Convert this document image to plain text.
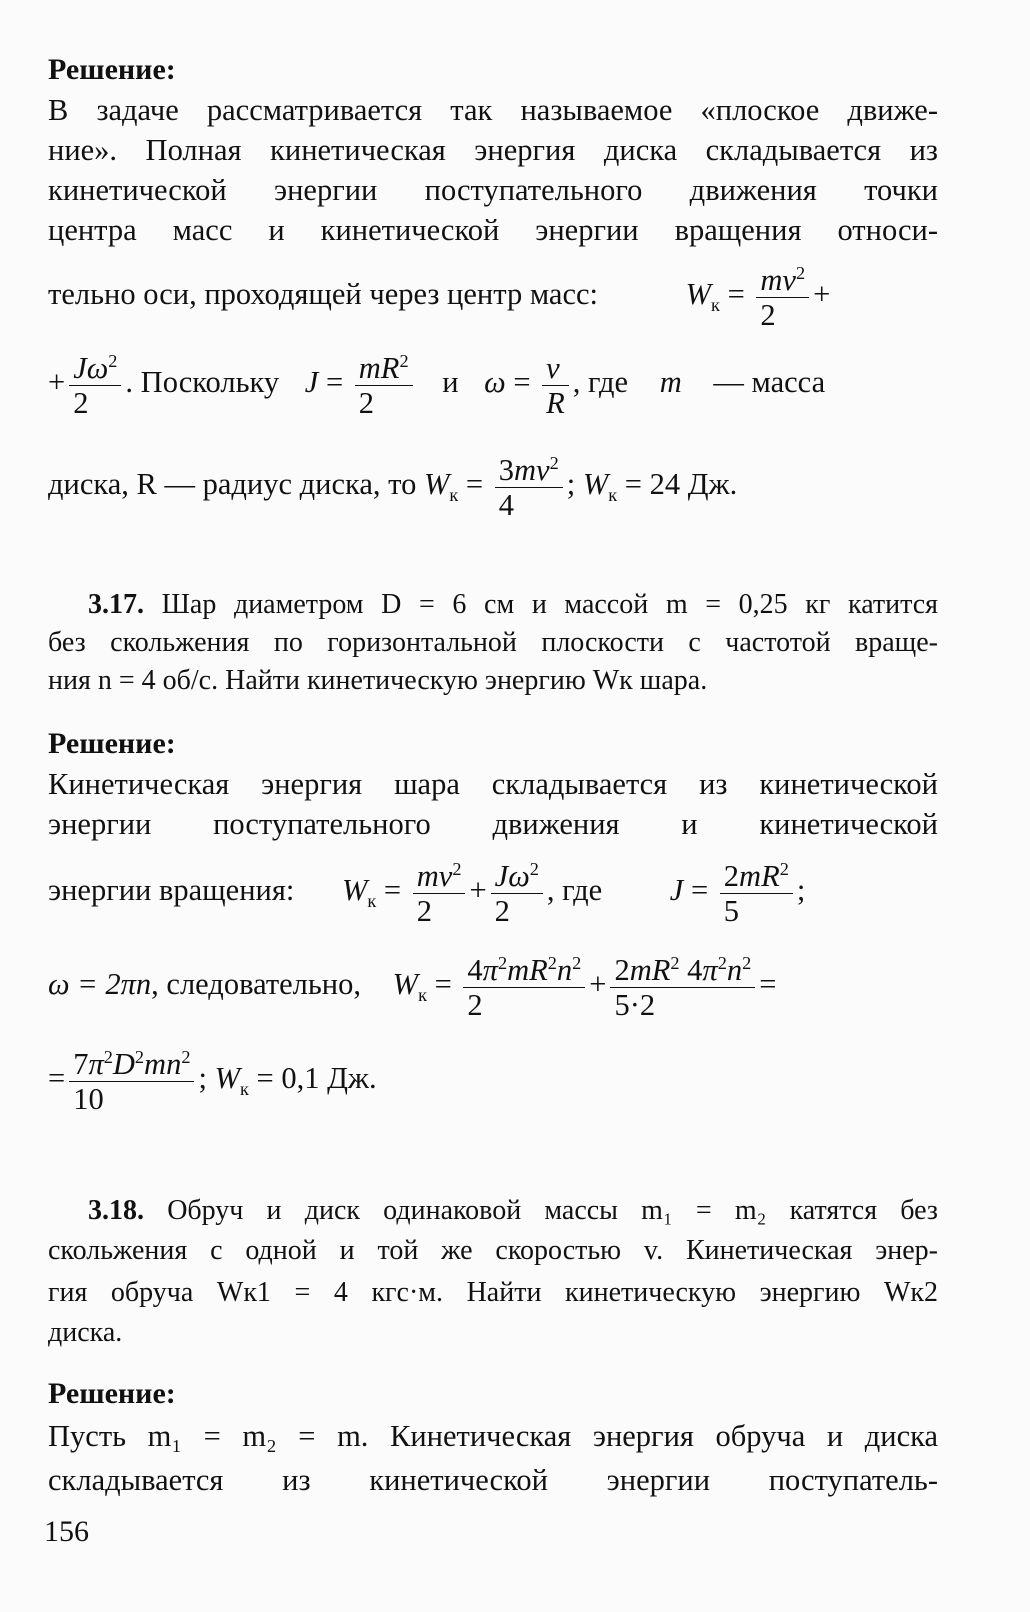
Решение:
В задаче рассматривается так называемое «плоское движе-
ние». Полная кинетическая энергия диска складывается из
кинетической энергии поступательного движения точки
центра масс и кинетической энергии вращения относи-
тельно оси, проходящей через центр масс:	$W_к = \frac{mv^2}{2}$ +
+ $\frac{J\omega^2}{2}$ . Поскольку $J = \frac{mR^2}{2}$ и $\omega = \frac{v}{R}$ , где m — масса
диска, R — радиус диска, то $W_к = \frac{3mv^2}{4}$ ; $W_к = 24$ Дж.
3.17. Шар диаметром D = 6 см и массой m = 0,25 кг катится
без скольжения по горизонтальной плоскости с частотой враще-
ния n = 4 об/с. Найти кинетическую энергию Wк шара.
Решение:
Кинетическая энергия шара складывается из кинетической
энергии поступательного движения и кинетической
энергии вращения: $W_к = \frac{mv^2}{2} + \frac{J\omega^2}{2}$ , где $J = \frac{2mR^2}{5}$ ;
ω = 2πn, следовательно, $W_к = \frac{4\pi^2mR^2n^2}{2} + \frac{2mR^2 4\pi^2n^2}{5\cdot 2}$ =
= $\frac{7\pi^2D^2mn^2}{10}$ ; $W_к = 0,1$ Дж.
3.18. Обруч и диск одинаковой массы m₁ = m₂ катятся без
скольжения с одной и той же скоростью v. Кинетическая энер-
гия обруча Wк1 = 4 кгс·м. Найти кинетическую энергию Wк2
диска.
Решение:
Пусть m₁ = m₂ = m. Кинетическая энергия обруча и диска
складывается из кинетической энергии поступатель-
156
